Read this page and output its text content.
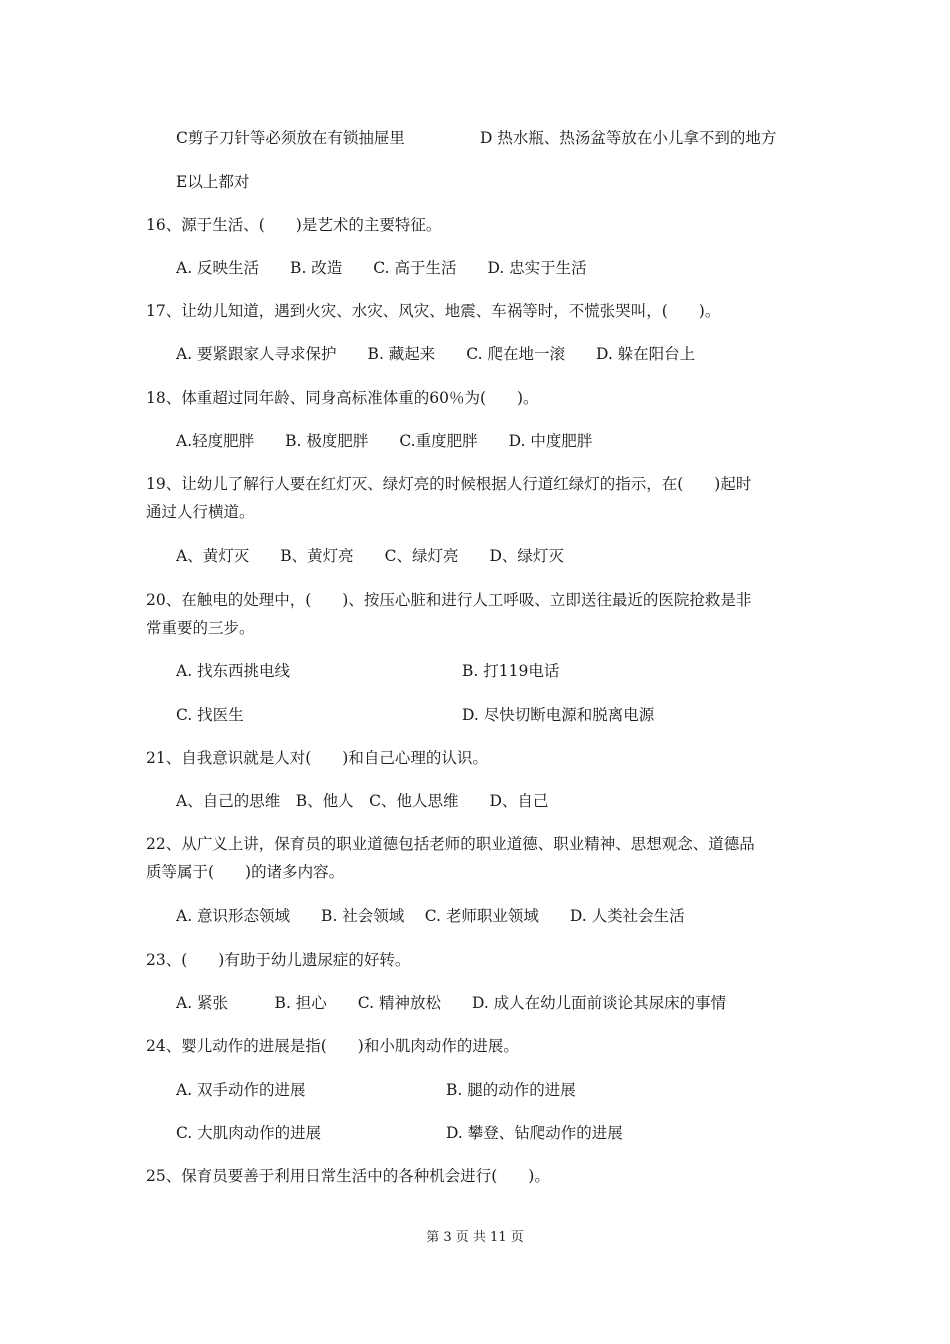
C剪子刀针等必须放在有锁抽屉里	D 热水瓶、热汤盆等放在小儿拿不到的地方
E以上都对
16、源于生活、(　　)是艺术的主要特征。
A. 反映生活　　B. 改造　　C. 高于生活　　D. 忠实于生活
17、让幼儿知道，遇到火灾、水灾、风灾、地震、车祸等时，不慌张哭叫，(　　)。
A. 要紧跟家人寻求保护　　B. 藏起来　　C. 爬在地一滚　　D. 躲在阳台上
18、体重超过同年龄、同身高标准体重的60％为(　　)。
A.轻度肥胖　　B. 极度肥胖　　C.重度肥胖　　D. 中度肥胖
19、让幼儿了解行人要在红灯灭、绿灯亮的时候根据人行道红绿灯的指示，在(　　)起时
通过人行横道。
A、黄灯灭　　B、黄灯亮　　C、绿灯亮　　D、绿灯灭
20、在触电的处理中，(　　)、按压心脏和进行人工呼吸、立即送往最近的医院抢救是非
常重要的三步。
A. 找东西挑电线	B. 打119电话
C. 找医生	D. 尽快切断电源和脱离电源
21、自我意识就是人对(　　)和自己心理的认识。
A、自己的思维　B、他人　C、他人思维　　D、自己
22、从广义上讲，保育员的职业道德包括老师的职业道德、职业精神、思想观念、道德品
质等属于(　　)的诸多内容。
A. 意识形态领域　　B. 社会领域　 C. 老师职业领域　　D. 人类社会生活
23、(　　)有助于幼儿遗尿症的好转。
A. 紧张　　　B. 担心　　C. 精神放松　　D. 成人在幼儿面前谈论其尿床的事情
24、婴儿动作的进展是指(　　)和小肌肉动作的进展。
A. 双手动作的进展	B. 腿的动作的进展
C. 大肌肉动作的进展	D. 攀登、钻爬动作的进展
25、保育员要善于利用日常生活中的各种机会进行(　　)。
第 3 页 共 11 页
